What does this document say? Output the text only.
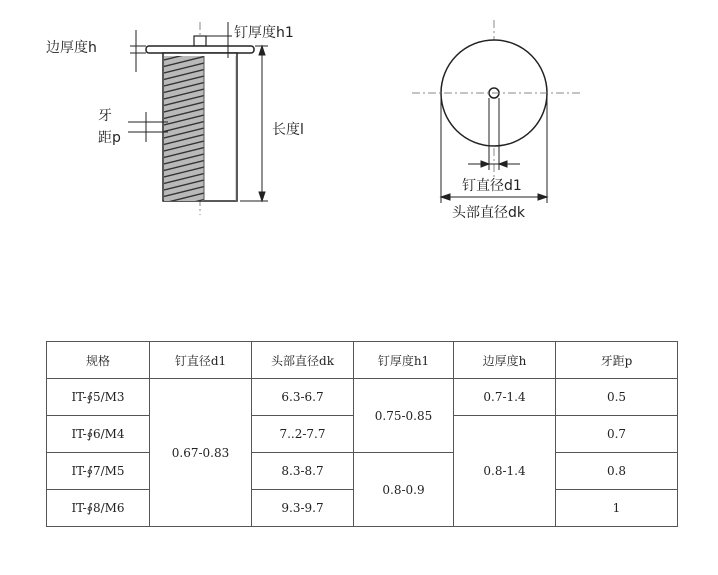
边厚度h
钉厚度h1
牙
距p	长度l
钉直径d1
头部直径dk
规格	钉直径d1	头部直径dk	钉厚度h1	边厚度h	牙距p
IT-∮5/M3	0.67-0.83	6.3-6.7	0.75-0.85	0.7-1.4	0.5
IT-∮6/M4		7..2-7.7		0.8-1.4	0.7
IT-∮7/M5		8.3-8.7	0.8-0.9		0.8
IT-∮8/M6		9.3-9.7			1
